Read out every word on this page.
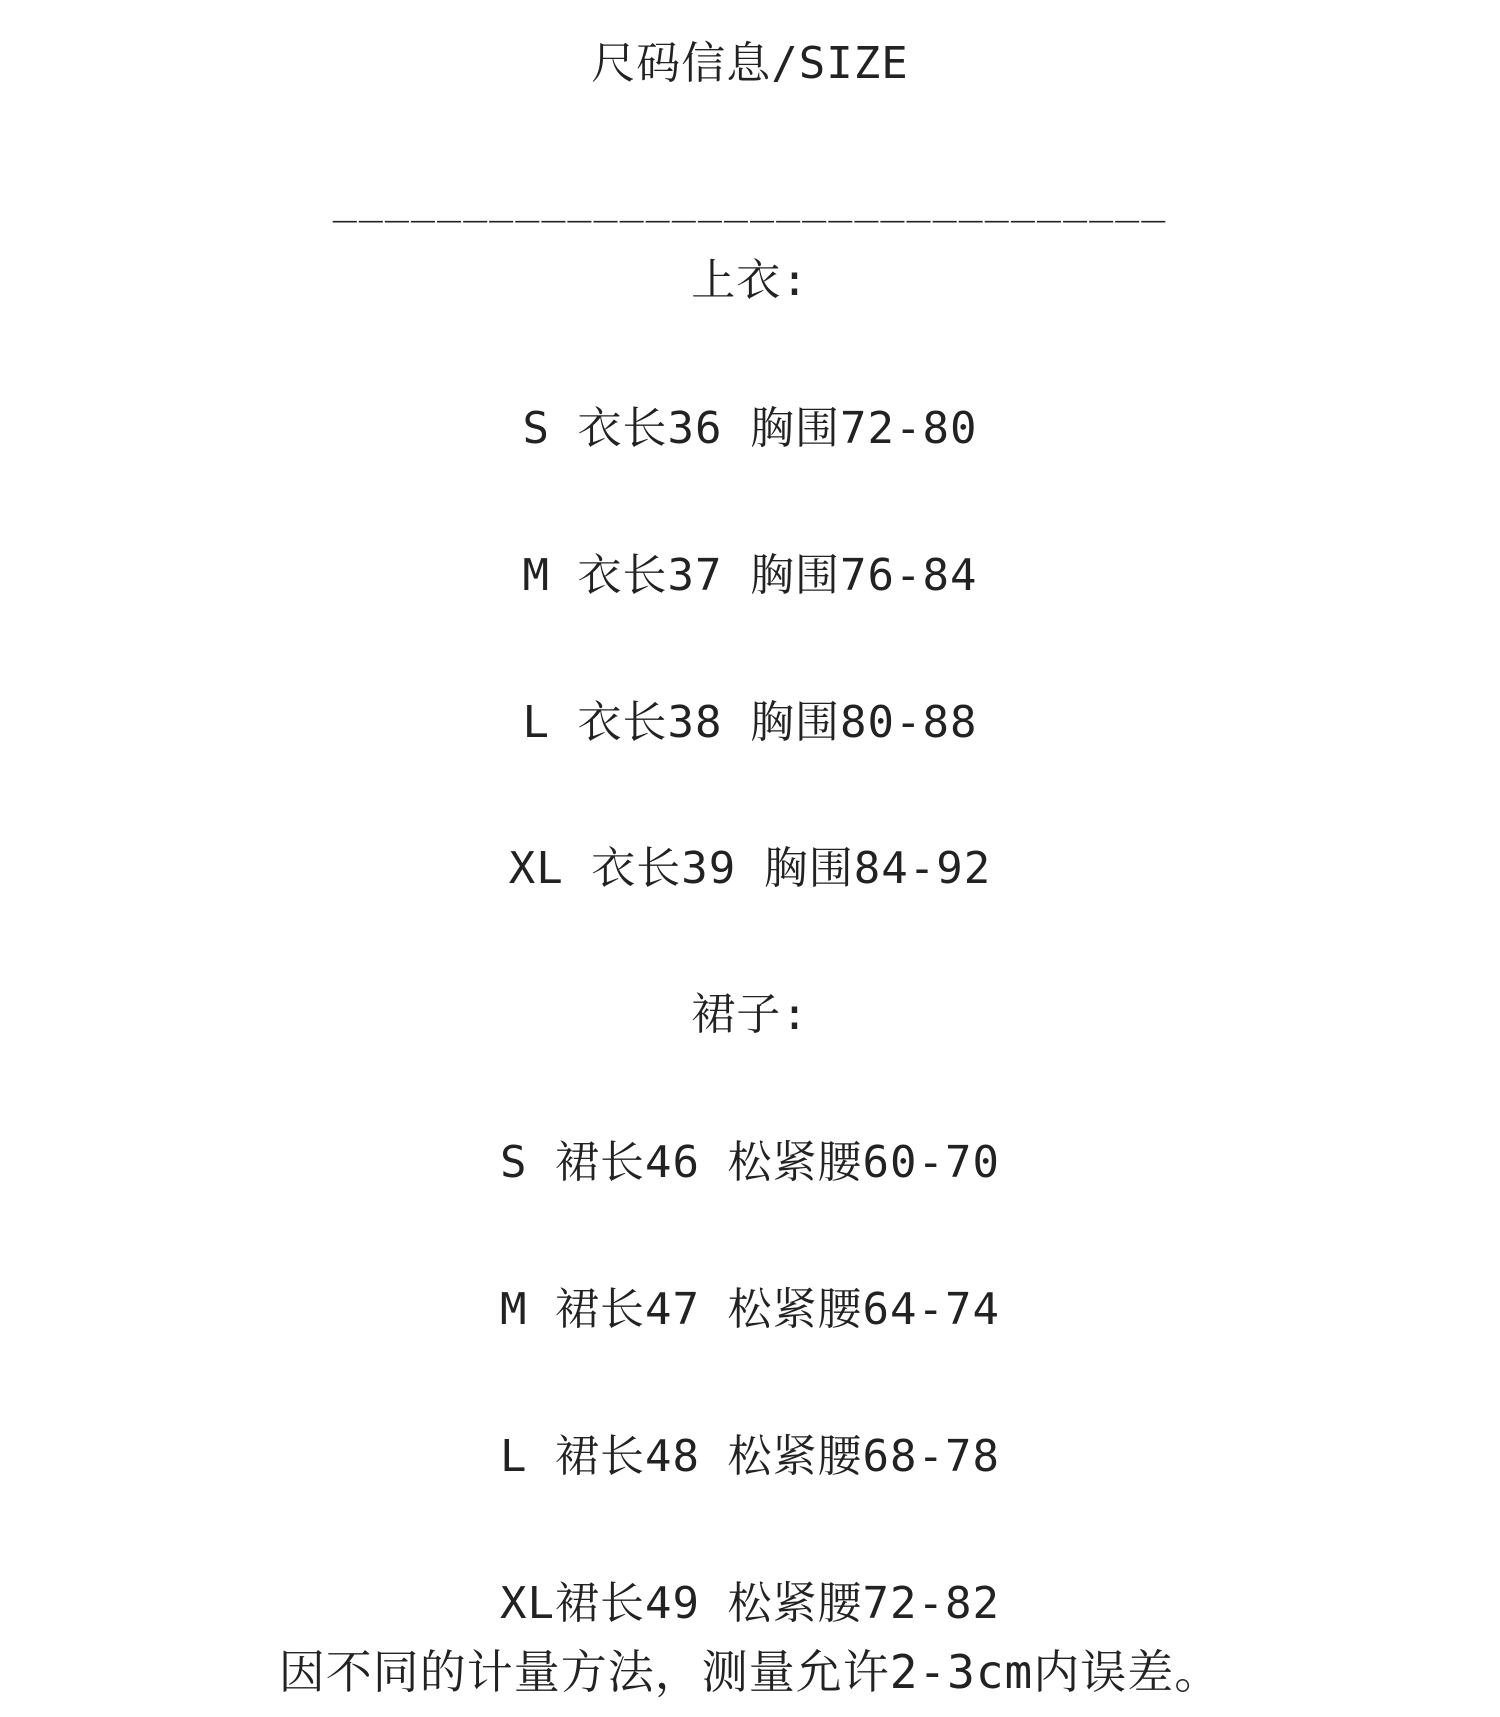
尺码信息/SIZE
________________________________
上衣:
S 衣长36 胸围72-80
M 衣长37 胸围76-84
L 衣长38 胸围80-88
XL 衣长39 胸围84-92
裙子:
S 裙长46 松紧腰60-70
M 裙长47 松紧腰64-74
L 裙长48 松紧腰68-78
XL裙长49 松紧腰72-82
因不同的计量方法，测量允许2-3cm内误差。
